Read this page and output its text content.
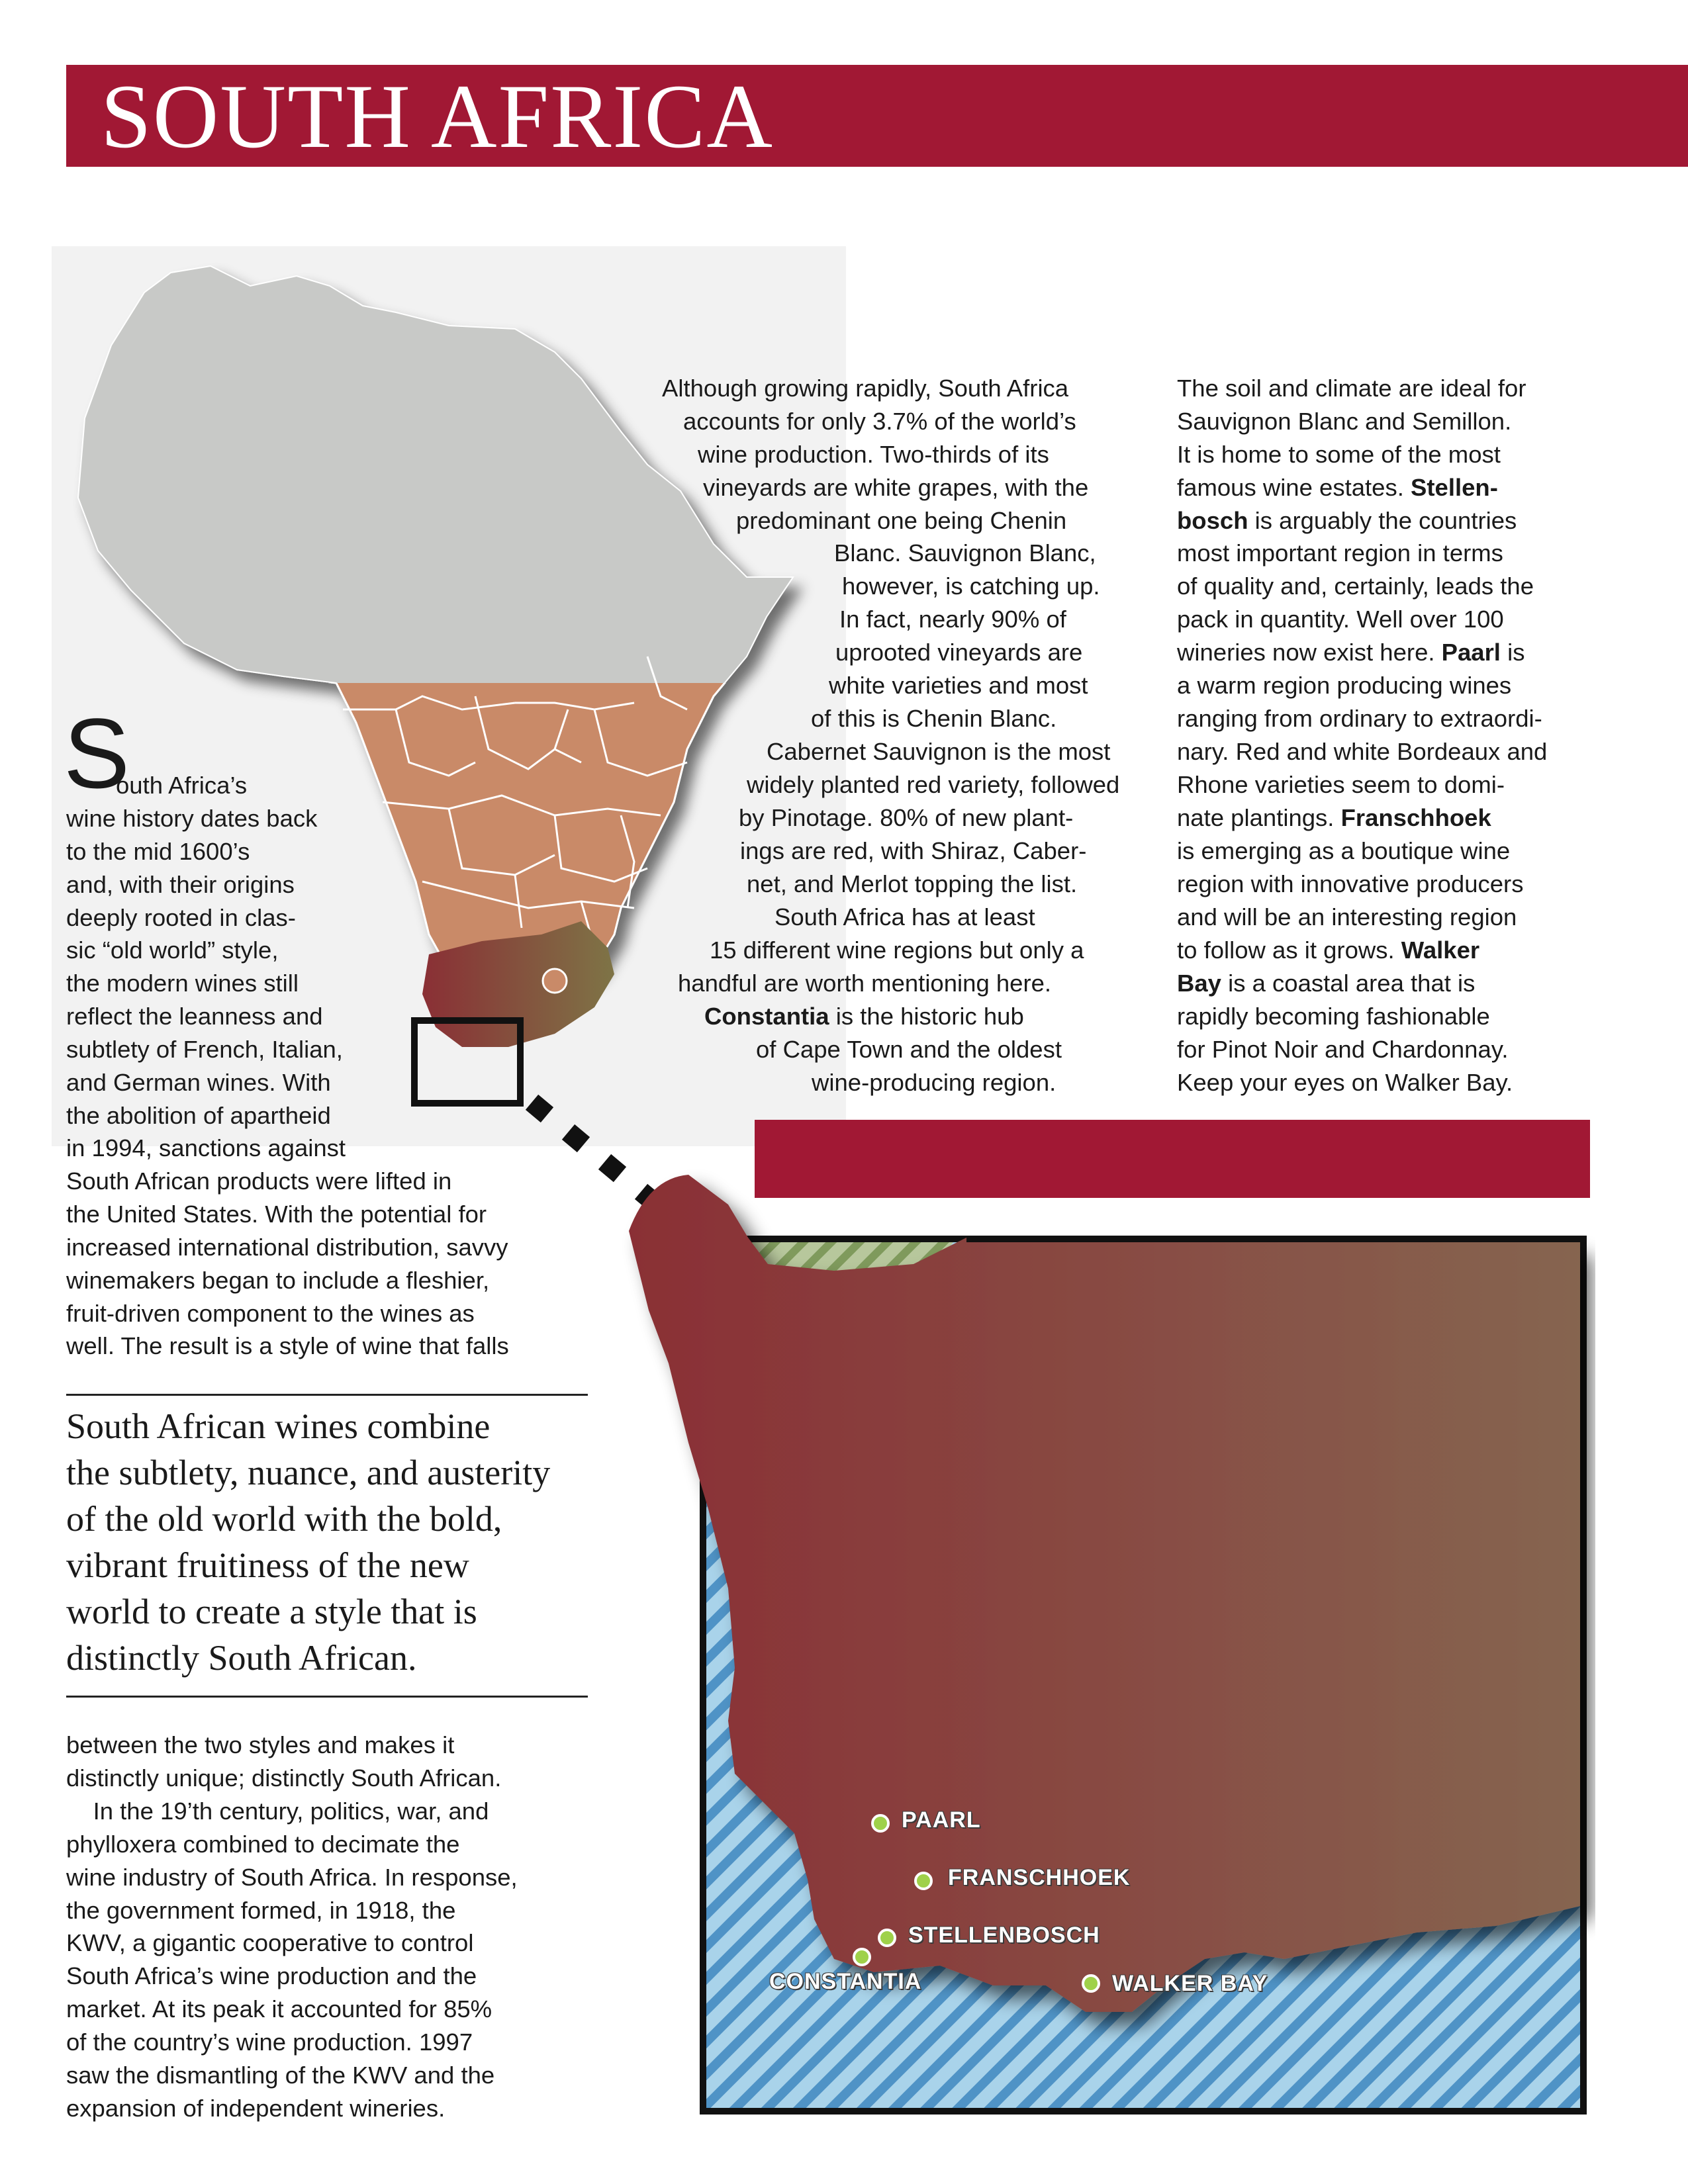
SOUTH AFRICA
PAARL
FRANSCHHOEK
STELLENBOSCH
CONSTANTIA	WALKER BAY
S
outh Africa’s
wine history dates back
to the mid 1600’s
and, with their origins
deeply rooted in clas-
sic “old world” style,
the modern wines still
reflect the leanness and
subtlety of French, Italian,
and German wines. With
the abolition of apartheid
in 1994, sanctions against
South African products were lifted in
the United States. With the potential for
increased international distribution, savvy
winemakers began to include a fleshier,
fruit-driven component to the wines as
well. The result is a style of wine that falls
South African wines combine
the subtlety, nuance, and austerity
of the old world with the bold,
vibrant fruitiness of the new
world to create a style that is
distinctly South African.
between the two styles and makes it
distinctly unique; distinctly South African.
In the 19’th century, politics, war, and
phylloxera combined to decimate the
wine industry of South Africa. In response,
the government formed, in 1918, the
KWV, a gigantic cooperative to control
South Africa’s wine production and the
market. At its peak it accounted for 85%
of the country’s wine production. 1997
saw the dismantling of the KWV and the
expansion of independent wineries.
Although growing rapidly, South Africa
accounts for only 3.7% of the world’s
wine production. Two-thirds of its
vineyards are white grapes, with the
predominant one being Chenin
Blanc. Sauvignon Blanc,
however, is catching up.
In fact, nearly 90% of
uprooted vineyards are
white varieties and most
of this is Chenin Blanc.
Cabernet Sauvignon is the most
widely planted red variety, followed
by Pinotage. 80% of new plant-
ings are red, with Shiraz, Caber-
net, and Merlot topping the list.
South Africa has at least
15 different wine regions but only a
handful are worth mentioning here.
Constantia is the historic hub
of Cape Town and the oldest
wine-producing region.
The soil and climate are ideal for
Sauvignon Blanc and Semillon.
It is home to some of the most
famous wine estates. Stellen-
bosch is arguably the countries
most important region in terms
of quality and, certainly, leads the
pack in quantity. Well over 100
wineries now exist here. Paarl is
a warm region producing wines
ranging from ordinary to extraordi-
nary. Red and white Bordeaux and
Rhone varieties seem to domi-
nate plantings. Franschhoek
is emerging as a boutique wine
region with innovative producers
and will be an interesting region
to follow as it grows. Walker
Bay is a coastal area that is
rapidly becoming fashionable
for Pinot Noir and Chardonnay.
Keep your eyes on Walker Bay.
